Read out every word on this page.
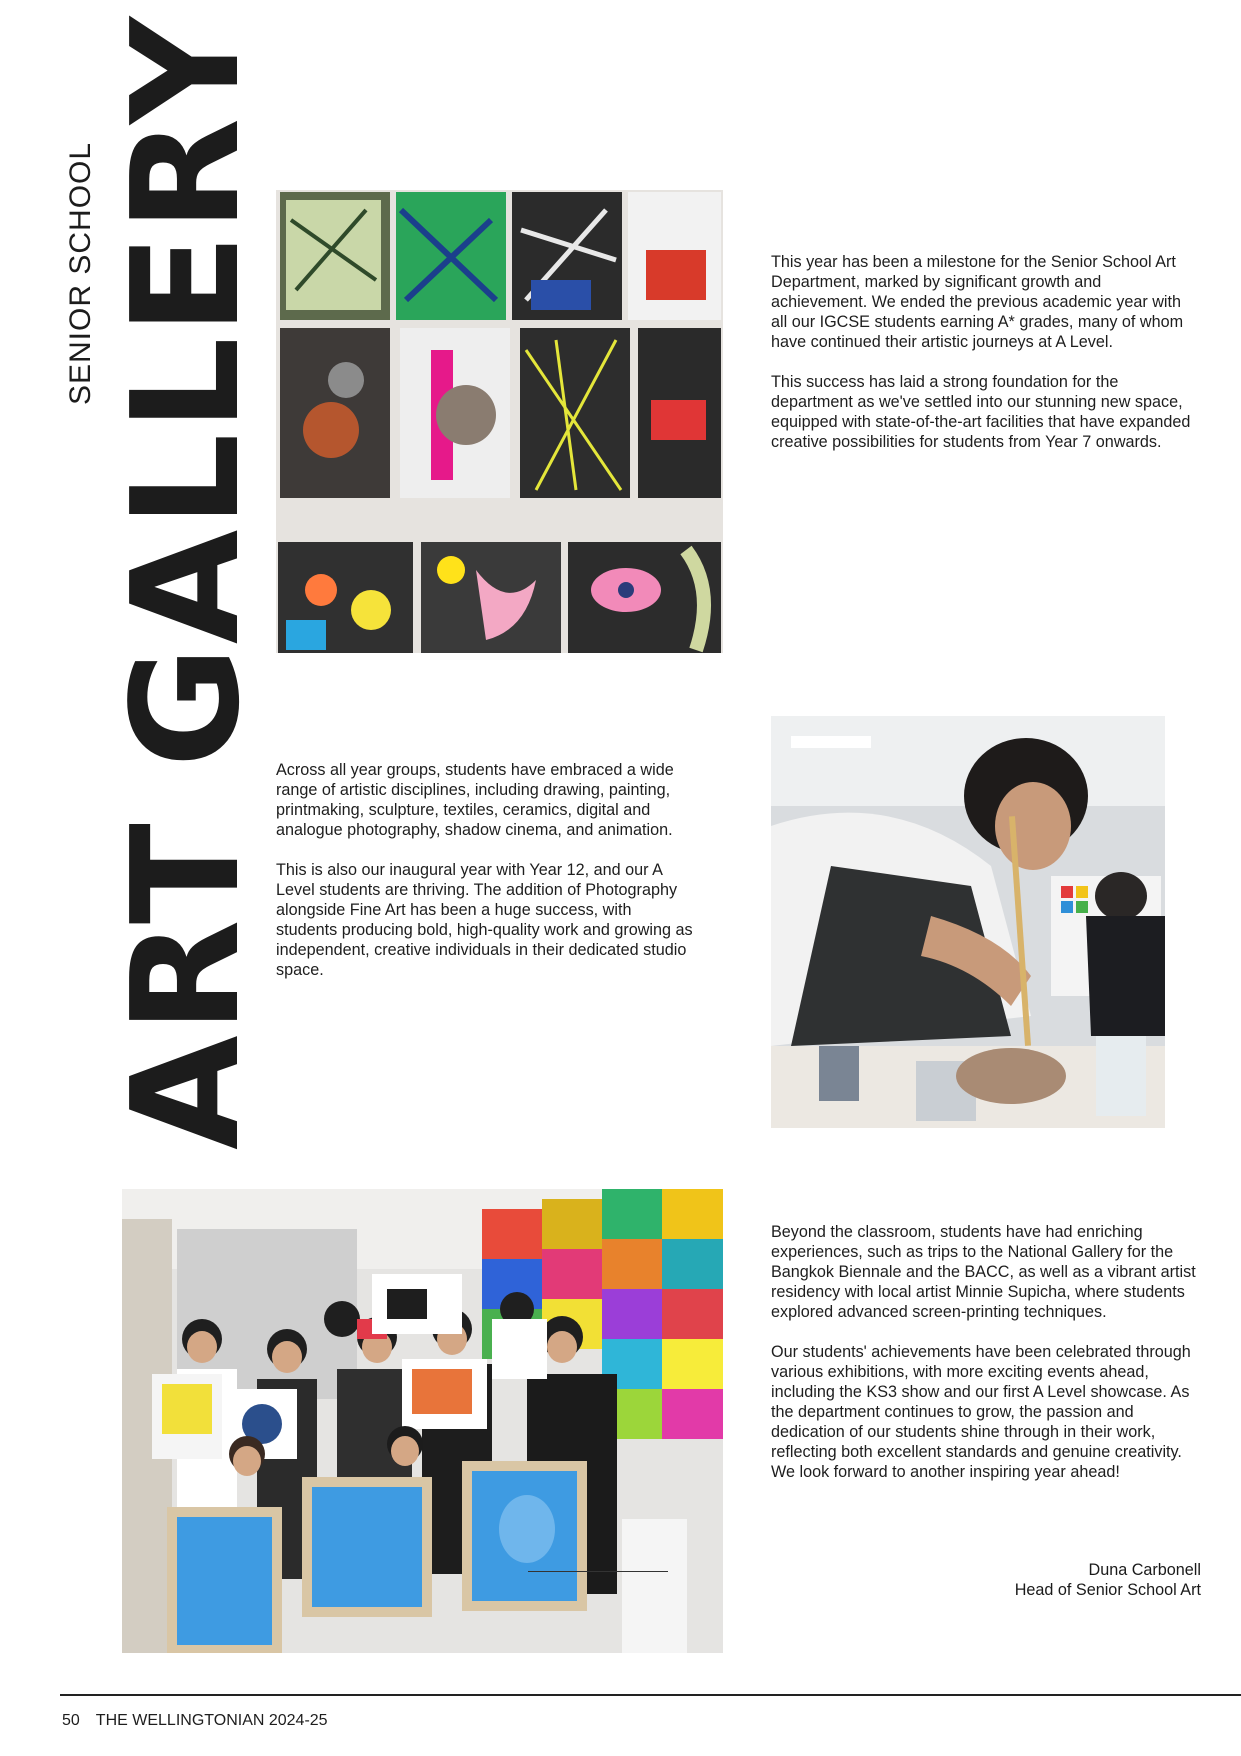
ART GALLERY
SENIOR SCHOOL	This year has been a milestone for the Senior School Art Department, marked by significant growth and achievement. We ended the previous academic year with all our IGCSE students earning A* grades, many of whom have continued their artistic journeys at A Level.

This success has laid a strong foundation for the department as we've settled into our stunning new space, equipped with state-of-the-art facilities that have expanded creative possibilities for students from Year 7 onwards.

Across all year groups, students have embraced a wide range of artistic disciplines, including drawing, painting, printmaking, sculpture, textiles, ceramics, digital and analogue photography, shadow cinema, and animation.

This is also our inaugural year with Year 12, and our A Level students are thriving. The addition of Photography alongside Fine Art has been a huge success, with students producing bold, high-quality work and growing as independent, creative individuals in their dedicated studio space.

Beyond the classroom, students have had enriching experiences, such as trips to the National Gallery for the Bangkok Biennale and the BACC, as well as a vibrant artist residency with local artist Minnie Supicha, where students explored advanced screen-printing techniques.

Our students' achievements have been celebrated through various exhibitions, with more exciting events ahead, including the KS3 show and our first A Level showcase. As the department continues to grow, the passion and dedication of our students shine through in their work, reflecting both excellent standards and genuine creativity. We look forward to another inspiring year ahead!

Duna Carbonell
Head of Senior School Art
50 THE WELLINGTONIAN 2024-25
